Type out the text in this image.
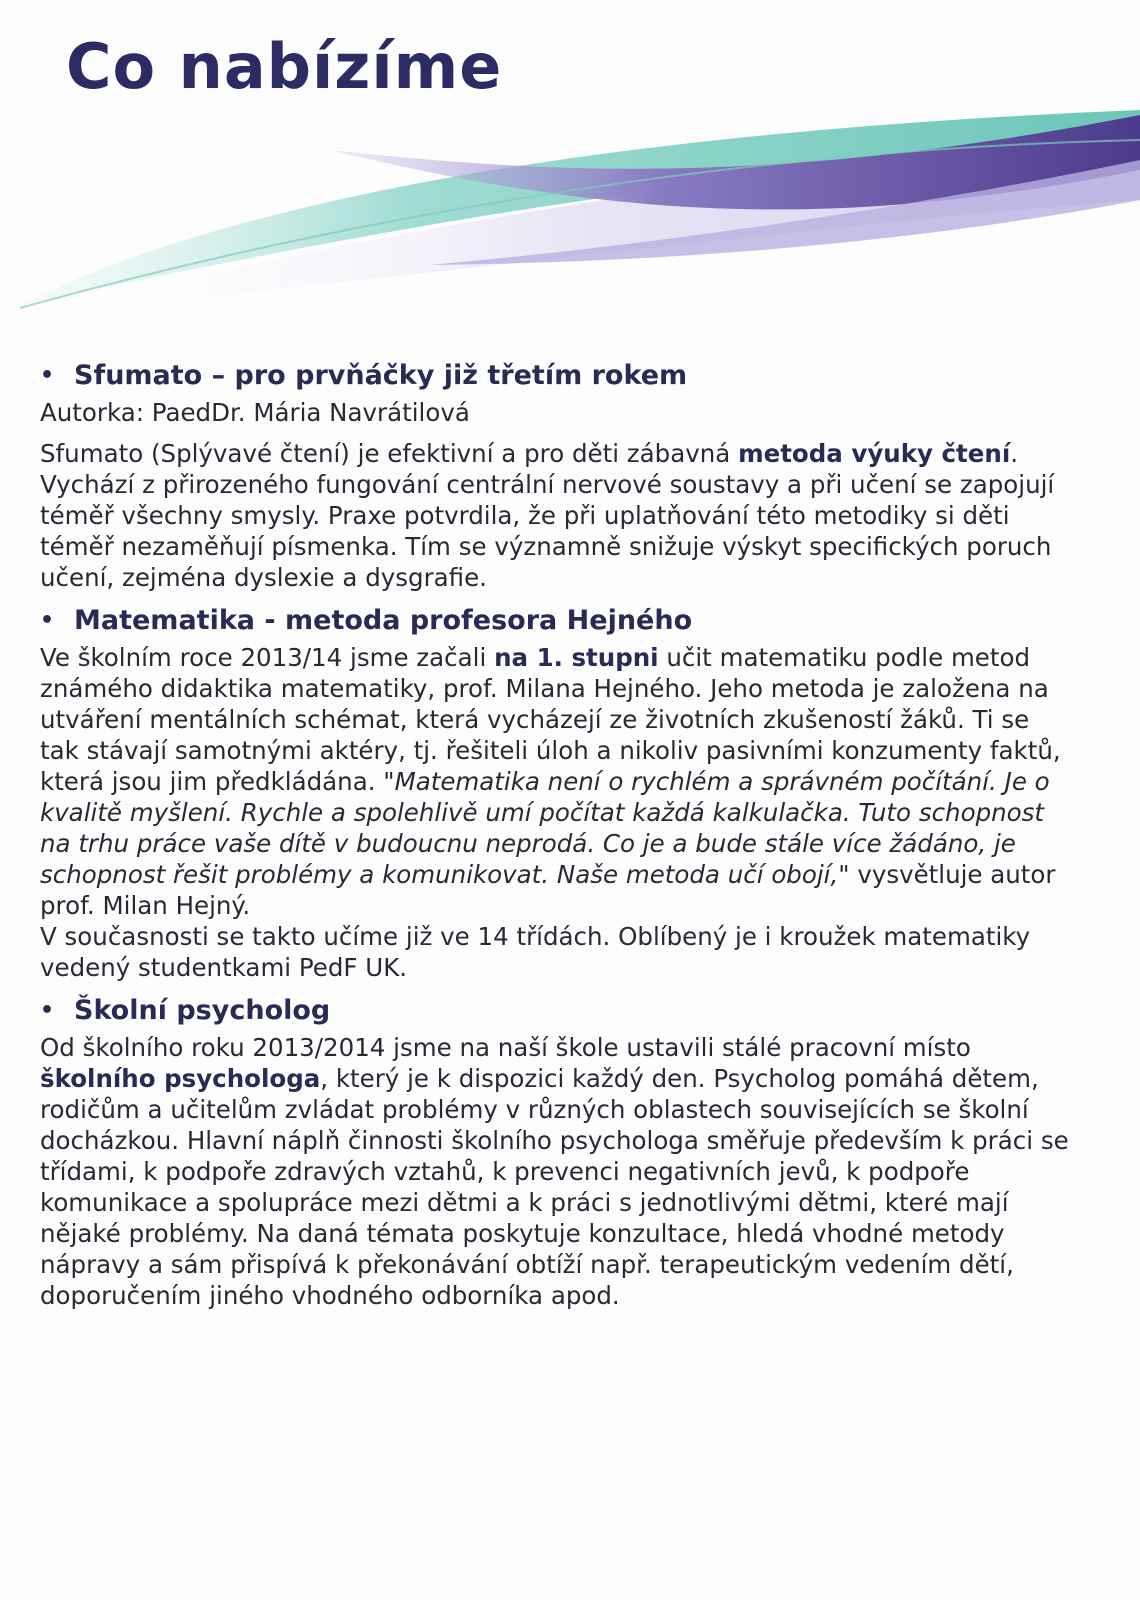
Co nabízíme
• Sfumato – pro prvňáčky již třetím rokem

Autorka: PaedDr. Mária Navrátilová

Sfumato (Splývavé čtení) je efektivní a pro děti zábavná metoda výuky čtení. Vychází z přirozeného fungování centrální nervové soustavy a při učení se zapojují téměř všechny smysly. Praxe potvrdila, že při uplatňování této metodiky si děti téměř nezaměňují písmenka. Tím se významně snižuje výskyt specifických poruch učení, zejména dyslexie a dysgrafie.

• Matematika - metoda profesora Hejného

Ve školním roce 2013/14 jsme začali na 1. stupni učit matematiku podle metod známého didaktika matematiky, prof. Milana Hejného. Jeho metoda je založena na utváření mentálních schémat, která vycházejí ze životních zkušeností žáků. Ti se tak stávají samotnými aktéry, tj. řešiteli úloh a nikoliv pasivními konzumenty faktů, která jsou jim předkládána. "Matematika není o rychlém a správném počítání. Je o kvalitě myšlení. Rychle a spolehlivě umí počítat každá kalkulačka. Tuto schopnost na trhu práce vaše dítě v budoucnu neprodá. Co je a bude stále více žádáno, je schopnost řešit problémy a komunikovat. Naše metoda učí obojí," vysvětluje autor prof. Milan Hejný.

V současnosti se takto učíme již ve 14 třídách. Oblíbený je i kroužek matematiky vedený studentkami PedF UK.

• Školní psycholog

Od školního roku 2013/2014 jsme na naší škole ustavili stálé pracovní místo školního psychologa, který je k dispozici každý den. Psycholog pomáhá dětem, rodičům a učitelům zvládat problémy v různých oblastech souvisejících se školní docházkou. Hlavní náplň činnosti školního psychologa směřuje především k práci se třídami, k podpoře zdravých vztahů, k prevenci negativních jevů, k podpoře komunikace a spolupráce mezi dětmi a k práci s jednotlivými dětmi, které mají nějaké problémy. Na daná témata poskytuje konzultace, hledá vhodné metody nápravy a sám přispívá k překonávání obtíží např. terapeutickým vedením dětí, doporučením jiného vhodného odborníka apod.
